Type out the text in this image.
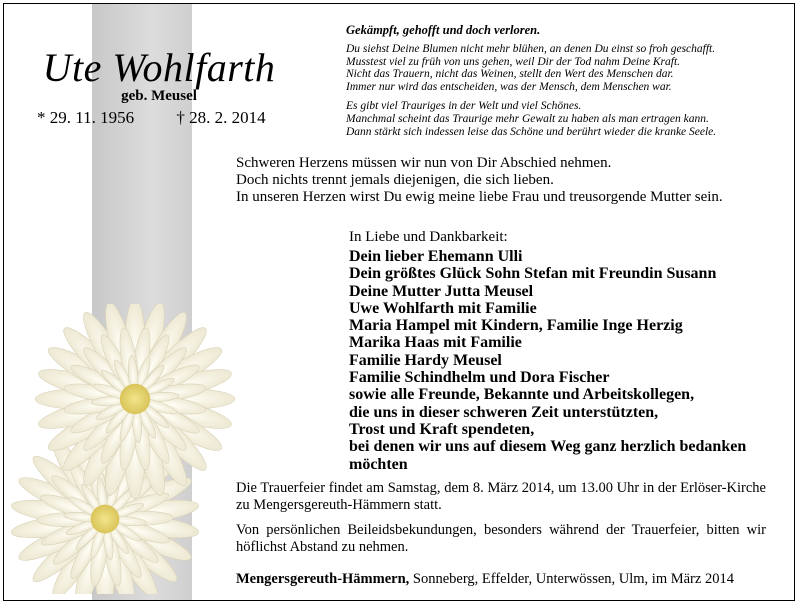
Ute Wohlfarth
geb. Meusel
* 29. 11. 1956 † 28. 2. 2014
Gekämpft, gehofft und doch verloren.
Du siehst Deine Blumen nicht mehr blühen, an denen Du einst so froh geschafft.
Musstest viel zu früh von uns gehen, weil Dir der Tod nahm Deine Kraft.
Nicht das Trauern, nicht das Weinen, stellt den Wert des Menschen dar.
Immer nur wird das entscheiden, was der Mensch, dem Menschen war.
Es gibt viel Trauriges in der Welt und viel Schönes.
Manchmal scheint das Traurige mehr Gewalt zu haben als man ertragen kann.
Dann stärkt sich indessen leise das Schöne und berührt wieder die kranke Seele.
Schweren Herzens müssen wir nun von Dir Abschied nehmen.
Doch nichts trennt jemals diejenigen, die sich lieben.
In unseren Herzen wirst Du ewig meine liebe Frau und treusorgende Mutter sein.
In Liebe und Dankbarkeit:
Dein lieber Ehemann Ulli
Dein größtes Glück Sohn Stefan mit Freundin Susann
Deine Mutter Jutta Meusel
Uwe Wohlfarth mit Familie
Maria Hampel mit Kindern, Familie Inge Herzig
Marika Haas mit Familie
Familie Hardy Meusel
Familie Schindhelm und Dora Fischer
sowie alle Freunde, Bekannte und Arbeitskollegen,
die uns in dieser schweren Zeit unterstützten,
Trost und Kraft spendeten,
bei denen wir uns auf diesem Weg ganz herzlich bedanken
möchten
Die Trauerfeier findet am Samstag, dem 8. März 2014, um 13.00 Uhr in der Erlöser-Kirche zu Mengersgereuth-Hämmern statt.
Von persönlichen Beileidsbekundungen, besonders während der Trauerfeier, bitten wir höflichst Abstand zu nehmen.
Mengersgereuth-Hämmern, Sonneberg, Effelder, Unterwössen, Ulm, im März 2014
